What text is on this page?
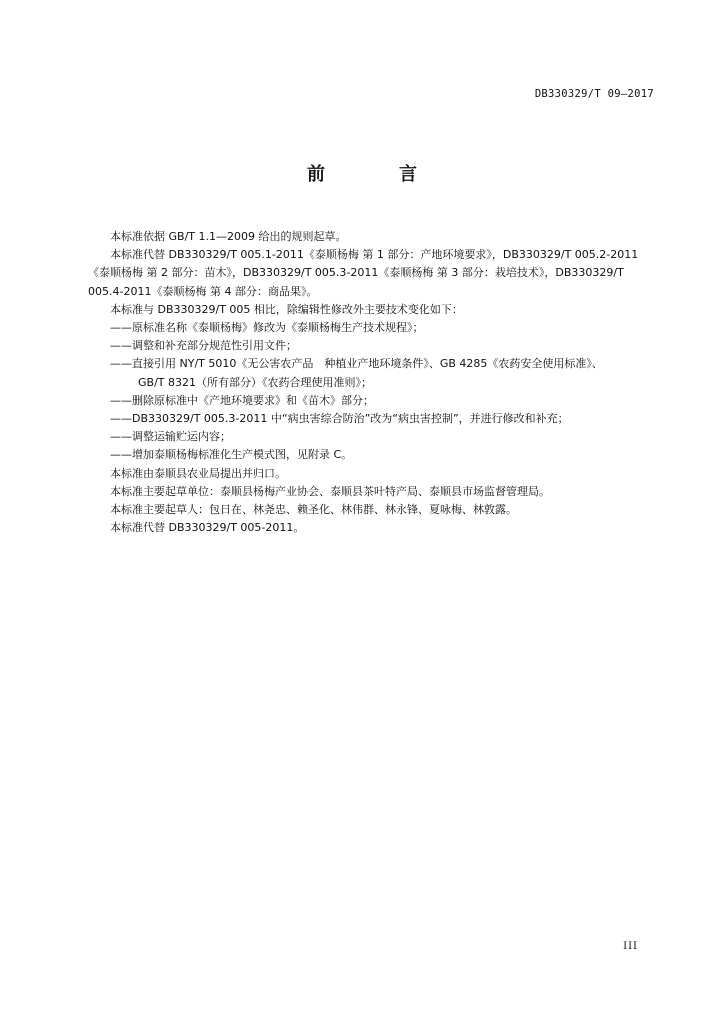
DB330329/T 09—2017
前　言

本标准依据 GB/T 1.1—2009 给出的规则起草。

本标准代替 DB330329/T 005.1-2011《泰顺杨梅 第 1 部分：产地环境要求》，DB330329/T 005.2-2011

《泰顺杨梅 第 2 部分：苗木》，DB330329/T 005.3-2011《泰顺杨梅 第 3 部分：栽培技术》，DB330329/T

005.4-2011《泰顺杨梅 第 4 部分：商品果》。

本标准与 DB330329/T 005 相比，除编辑性修改外主要技术变化如下：

——原标准名称《泰顺杨梅》修改为《泰顺杨梅生产技术规程》；

——调整和补充部分规范性引用文件；

——直接引用 NY/T 5010《无公害农产品　种植业产地环境条件》、GB 4285《农药安全使用标准》、

GB/T 8321（所有部分）《农药合理使用准则》；

——删除原标准中《产地环境要求》和《苗木》部分；

——DB330329/T 005.3-2011 中“病虫害综合防治”改为“病虫害控制”，并进行修改和补充；

——调整运输贮运内容；

——增加泰顺杨梅标准化生产模式图，见附录 C。

本标准由泰顺县农业局提出并归口。

本标准主要起草单位：泰顺县杨梅产业协会、泰顺县茶叶特产局、泰顺县市场监督管理局。

本标准主要起草人：包日在、林尧忠、赖圣化、林伟群、林永锋、夏咏梅、林敦露。

本标准代替 DB330329/T 005-2011。

III
